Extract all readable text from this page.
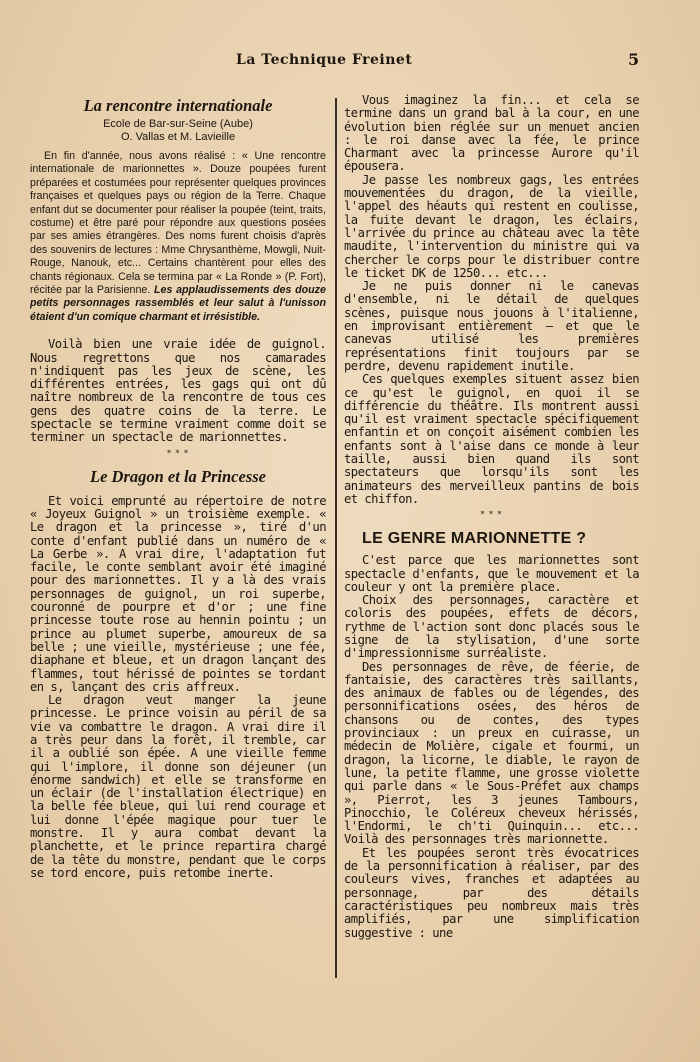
La Technique Freinet	5
La rencontre internationale
Ecole de Bar-sur-Seine (Aube)
O. Vallas et M. Lavieille

En fin d'année, nous avons réalisé : « Une rencontre internationale de marionnettes ». Douze poupées furent préparées et costumées pour représenter quelques provinces françaises et quelques pays ou région de la Terre. Chaque enfant dut se documenter pour réaliser la poupée (teint, traits, costume) et être paré pour répondre aux questions posées par ses amies étrangères. Des noms furent choisis d'après des souvenirs de lectures : Mme Chrysanthème, Mowgli, Nuit-Rouge, Nanouk, etc... Certains chantèrent pour elles des chants régionaux. Cela se termina par « La Ronde » (P. Fort), récitée par la Parisienne. Les applaudissements des douze petits personnages rassemblés et leur salut à l'unisson étaient d'un comique charmant et irrésistible.

Voilà bien une vraie idée de guignol. Nous regrettons que nos camarades n'indiquent pas les jeux de scène, les différentes entrées, les gags qui ont dû naître nombreux de la rencontre de tous ces gens des quatre coins de la terre. Le spectacle se termine vraiment comme doit se terminer un spectacle de marionnettes.

* * *
Le Dragon et la Princesse

Et voici emprunté au répertoire de notre « Joyeux Guignol » un troisième exemple. « Le dragon et la princesse », tiré d'un conte d'enfant publié dans un numéro de « La Gerbe ». A vrai dire, l'adaptation fut facile, le conte semblant avoir été imaginé pour des marionnettes. Il y a là des vrais personnages de guignol, un roi superbe, couronné de pourpre et d'or ; une fine princesse toute rose au hennin pointu ; un prince au plumet superbe, amoureux de sa belle ; une vieille, mystérieuse ; une fée, diaphane et bleue, et un dragon lançant des flammes, tout hérissé de pointes se tordant en s, lançant des cris affreux.

Le dragon veut manger la jeune princesse. Le prince voisin au péril de sa vie va combattre le dragon. A vrai dire il a très peur dans la forêt, il tremble, car il a oublié son épée. A une vieille femme qui l'implore, il donne son déjeuner (un énorme sandwich) et elle se transforme en un éclair (de l'installation électrique) en la belle fée bleue, qui lui rend courage et lui donne l'épée magique pour tuer le monstre. Il y aura combat devant la planchette, et le prince repartira chargé de la tête du monstre, pendant que le corps se tord encore, puis retombe inerte.

Vous imaginez la fin... et cela se termine dans un grand bal à la cour, en une évolution bien réglée sur un menuet ancien : le roi danse avec la fée, le prince Charmant avec la princesse Aurore qu'il épousera.

Je passe les nombreux gags, les entrées mouvementées du dragon, de la vieille, l'appel des héauts qui restent en coulisse, la fuite devant le dragon, les éclairs, l'arrivée du prince au château avec la tête maudite, l'intervention du ministre qui va chercher le corps pour le distribuer contre le ticket DK de 1250... etc...

Je ne puis donner ni le canevas d'ensemble, ni le détail de quelques scènes, puisque nous jouons à l'italienne, en improvisant entièrement — et que le canevas utilisé les premières représentations finit toujours par se perdre, devenu rapidement inutile.

Ces quelques exemples situent assez bien ce qu'est le guignol, en quoi il se différencie du théâtre. Ils montrent aussi qu'il est vraiment spectacle spécifiquement enfantin et on conçoit aisément combien les enfants sont à l'aise dans ce monde à leur taille, aussi bien quand ils sont spectateurs que lorsqu'ils sont les animateurs des merveilleux pantins de bois et chiffon.

* * *
LE GENRE MARIONNETTE ?

C'est parce que les marionnettes sont spectacle d'enfants, que le mouvement et la couleur y ont la première place.

Choix des personnages, caractère et coloris des poupées, effets de décors, rythme de l'action sont donc placés sous le signe de la stylisation, d'une sorte d'impressionnisme surréaliste.

Des personnages de rêve, de féerie, de fantaisie, des caractères très saillants, des animaux de fables ou de légendes, des personnifications osées, des héros de chansons ou de contes, des types provinciaux : un preux en cuirasse, un médecin de Molière, cigale et fourmi, un dragon, la licorne, le diable, le rayon de lune, la petite flamme, une grosse violette qui parle dans « le Sous-Préfet aux champs », Pierrot, les 3 jeunes Tambours, Pinocchio, le Coléreux cheveux hérissés, l'Endormi, le ch'ti Quinquin... etc... Voilà des personnages très marionnette.

Et les poupées seront très évocatrices de la personnification à réaliser, par des couleurs vives, franches et adaptées au personnage, par des détails caractéristiques peu nombreux mais très amplifiés, par une simplification suggestive : une
